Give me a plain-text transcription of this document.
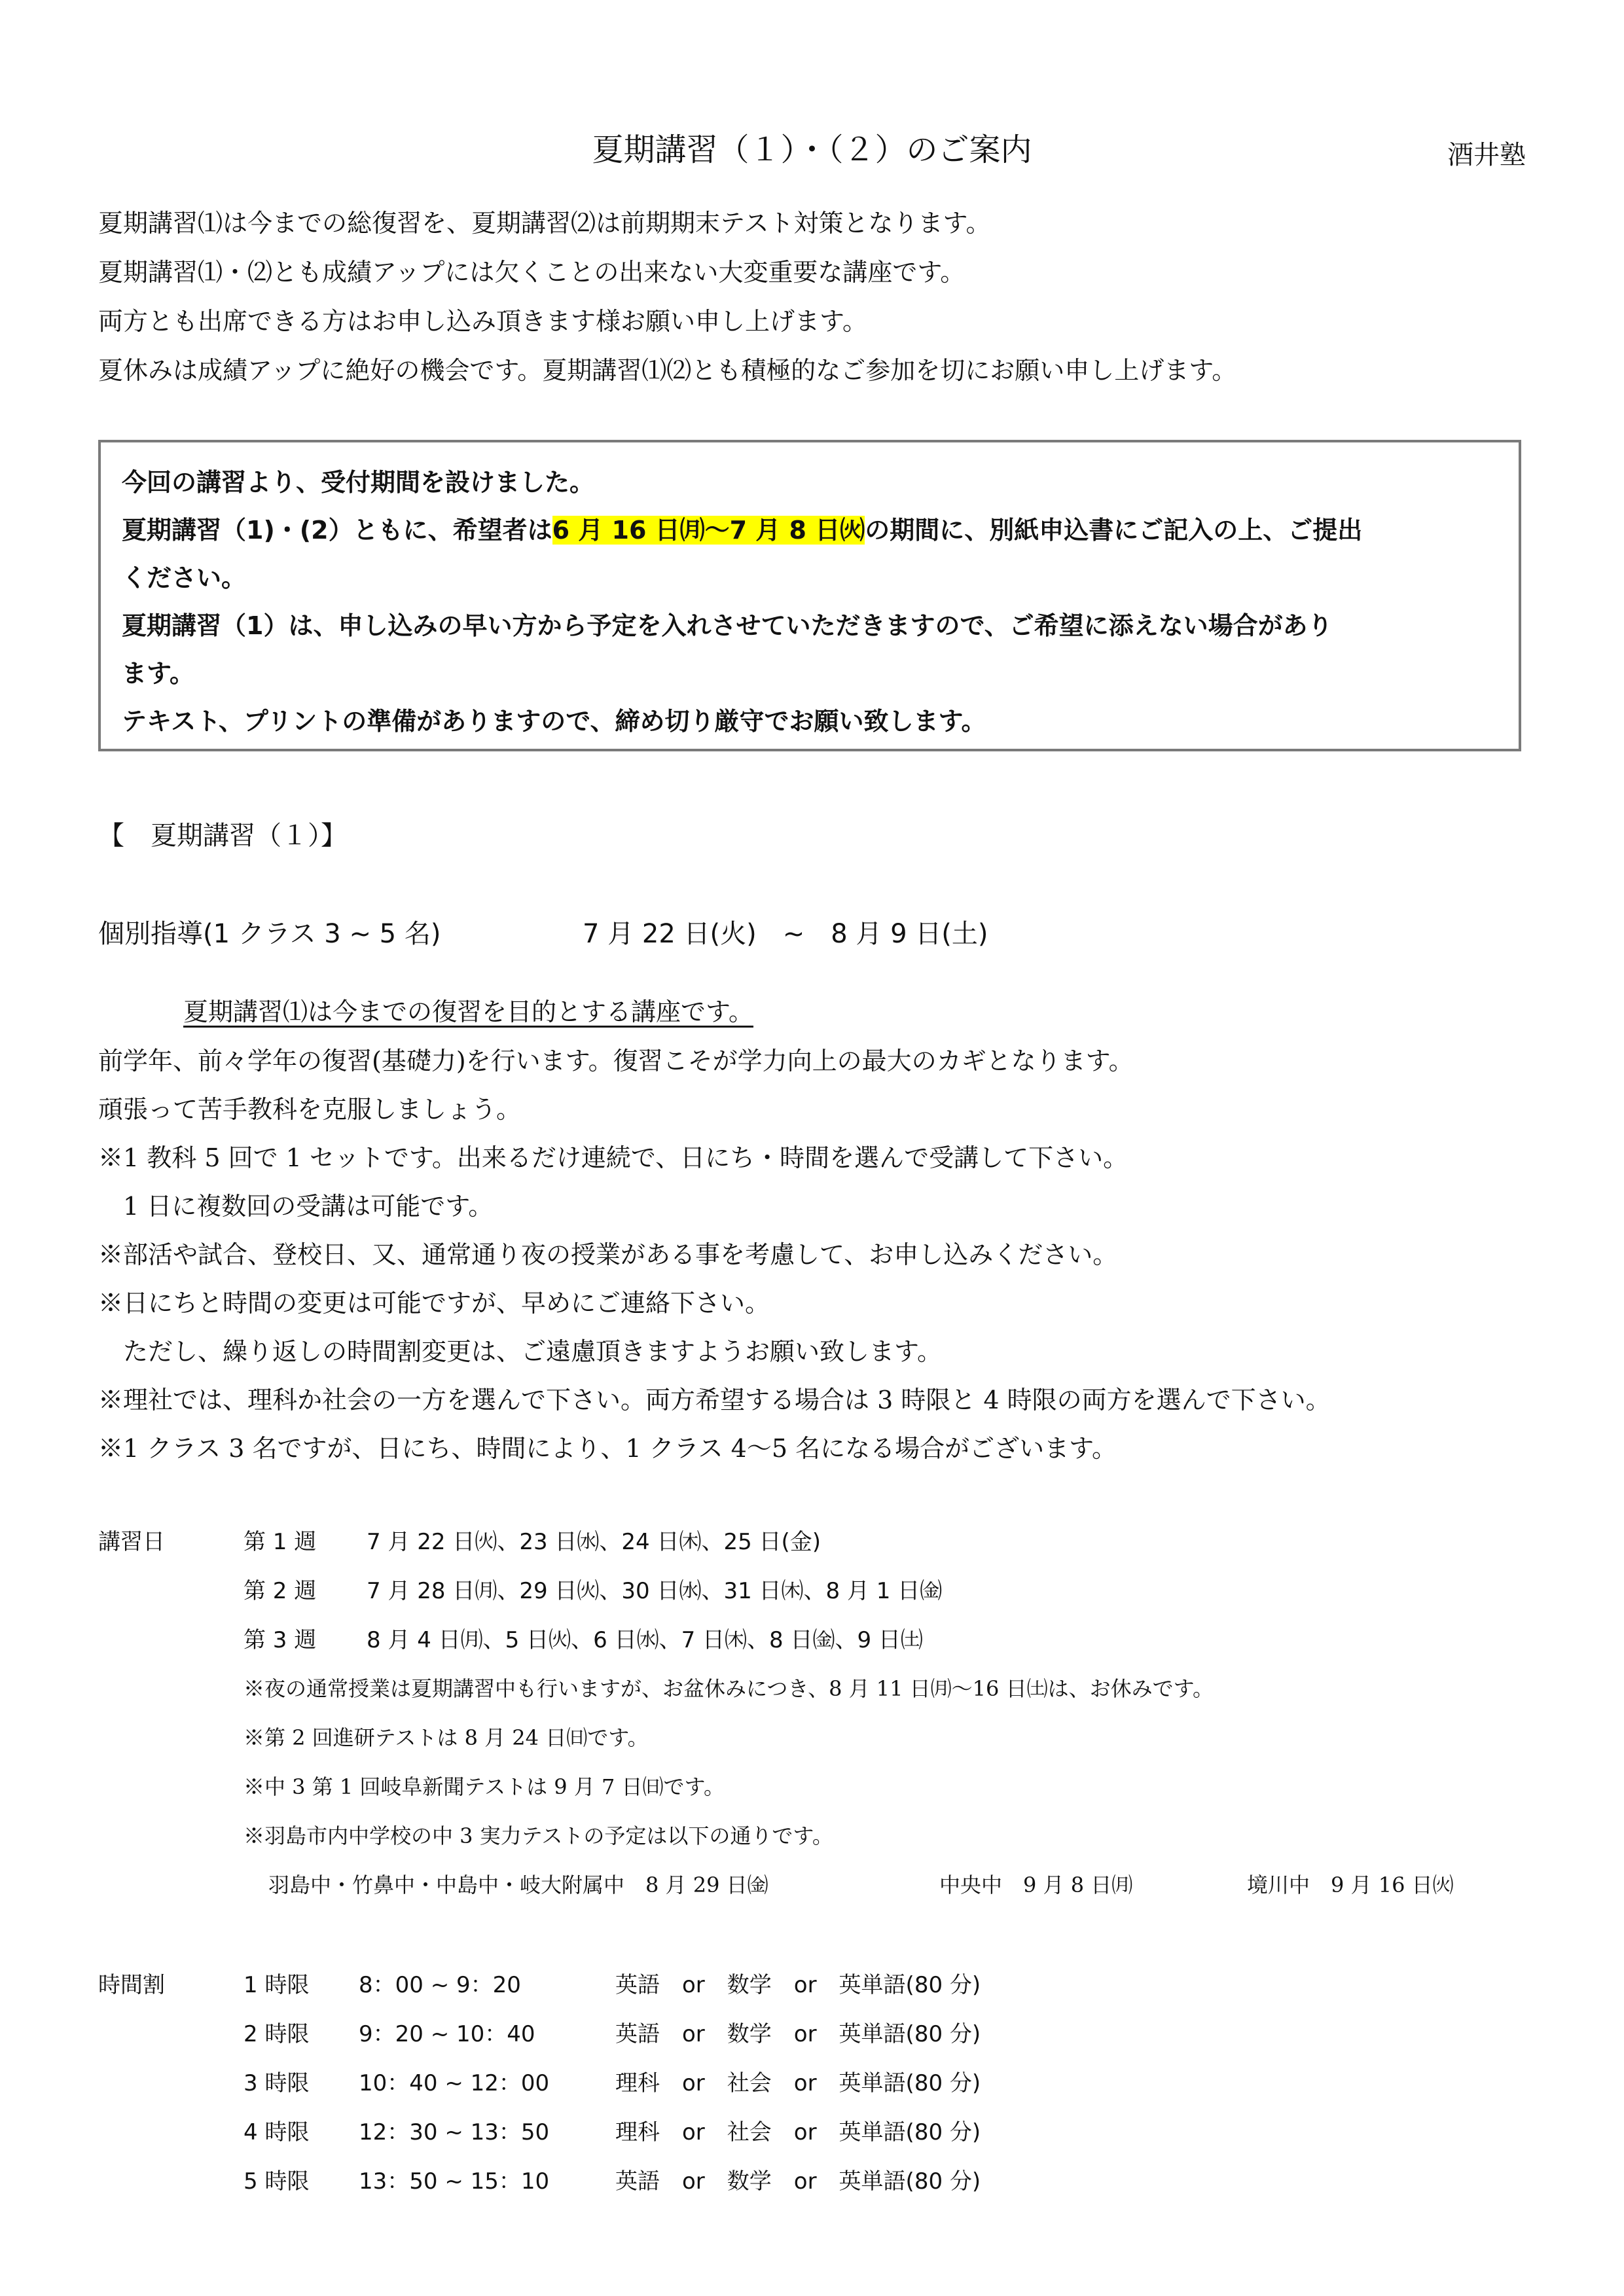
夏期講習（１）・（２）のご案内	酒井塾
夏期講習⑴は今までの総復習を、夏期講習⑵は前期期末テスト対策となります。
夏期講習⑴・⑵とも成績アップには欠くことの出来ない大変重要な講座です。
両方とも出席できる方はお申し込み頂きます様お願い申し上げます。
夏休みは成績アップに絶好の機会です。夏期講習⑴⑵とも積極的なご参加を切にお願い申し上げます。
今回の講習より、受付期間を設けました。
夏期講習（1)・(2）ともに、希望者は6 月 16 日㈪〜7 月 8 日㈫の期間に、別紙申込書にご記入の上、ご提出
ください。
夏期講習（1）は、申し込みの早い方から予定を入れさせていただきますので、ご希望に添えない場合があり
ます。
テキスト、プリントの準備がありますので、締め切り厳守でお願い致します。
【　夏期講習（１）】
個別指導(1 クラス 3 ~ 5 名)	7 月 22 日(火)　~　8 月 9 日(土)
夏期講習⑴は今までの復習を目的とする講座です。
前学年、前々学年の復習(基礎力)を行います。復習こそが学力向上の最大のカギとなります。
頑張って苦手教科を克服しましょう。
※1 教科 5 回で 1 セットです。出来るだけ連続で、日にち・時間を選んで受講して下さい。
　1 日に複数回の受講は可能です。
※部活や試合、登校日、又、通常通り夜の授業がある事を考慮して、お申し込みください。
※日にちと時間の変更は可能ですが、早めにご連絡下さい。
　ただし、繰り返しの時間割変更は、ご遠慮頂きますようお願い致します。
※理社では、理科か社会の一方を選んで下さい。両方希望する場合は 3 時限と 4 時限の両方を選んで下さい。
※1 クラス 3 名ですが、日にち、時間により、1 クラス 4〜5 名になる場合がございます。
講習日	第 1 週 7 月 22 日㈫、23 日㈬、24 日㈭、25 日(金)
第 2 週 7 月 28 日㈪、29 日㈫、30 日㈬、31 日㈭、8 月 1 日㈮
第 3 週 8 月 4 日㈪、5 日㈫、6 日㈬、7 日㈭、8 日㈮、9 日㈯
※夜の通常授業は夏期講習中も行いますが、お盆休みにつき、8 月 11 日㈪〜16 日㈯は、お休みです。
※第 2 回進研テストは 8 月 24 日㈰です。
※中 3 第 1 回岐阜新聞テストは 9 月 7 日㈰です。
※羽島市内中学校の中 3 実力テストの予定は以下の通りです。
羽島中・竹鼻中・中島中・岐大附属中　8 月 29 日㈮	中央中　9 月 8 日㈪	境川中　9 月 16 日㈫
時間割	1 時限 8：00 ~ 9：20	英語　or　数学　or　英単語(80 分)
2 時限 9：20 ~ 10：40	英語　or　数学　or　英単語(80 分)
3 時限 10：40 ~ 12：00	理科　or　社会　or　英単語(80 分)
4 時限 12：30 ~ 13：50	理科　or　社会　or　英単語(80 分)
5 時限 13：50 ~ 15：10	英語　or　数学　or　英単語(80 分)
